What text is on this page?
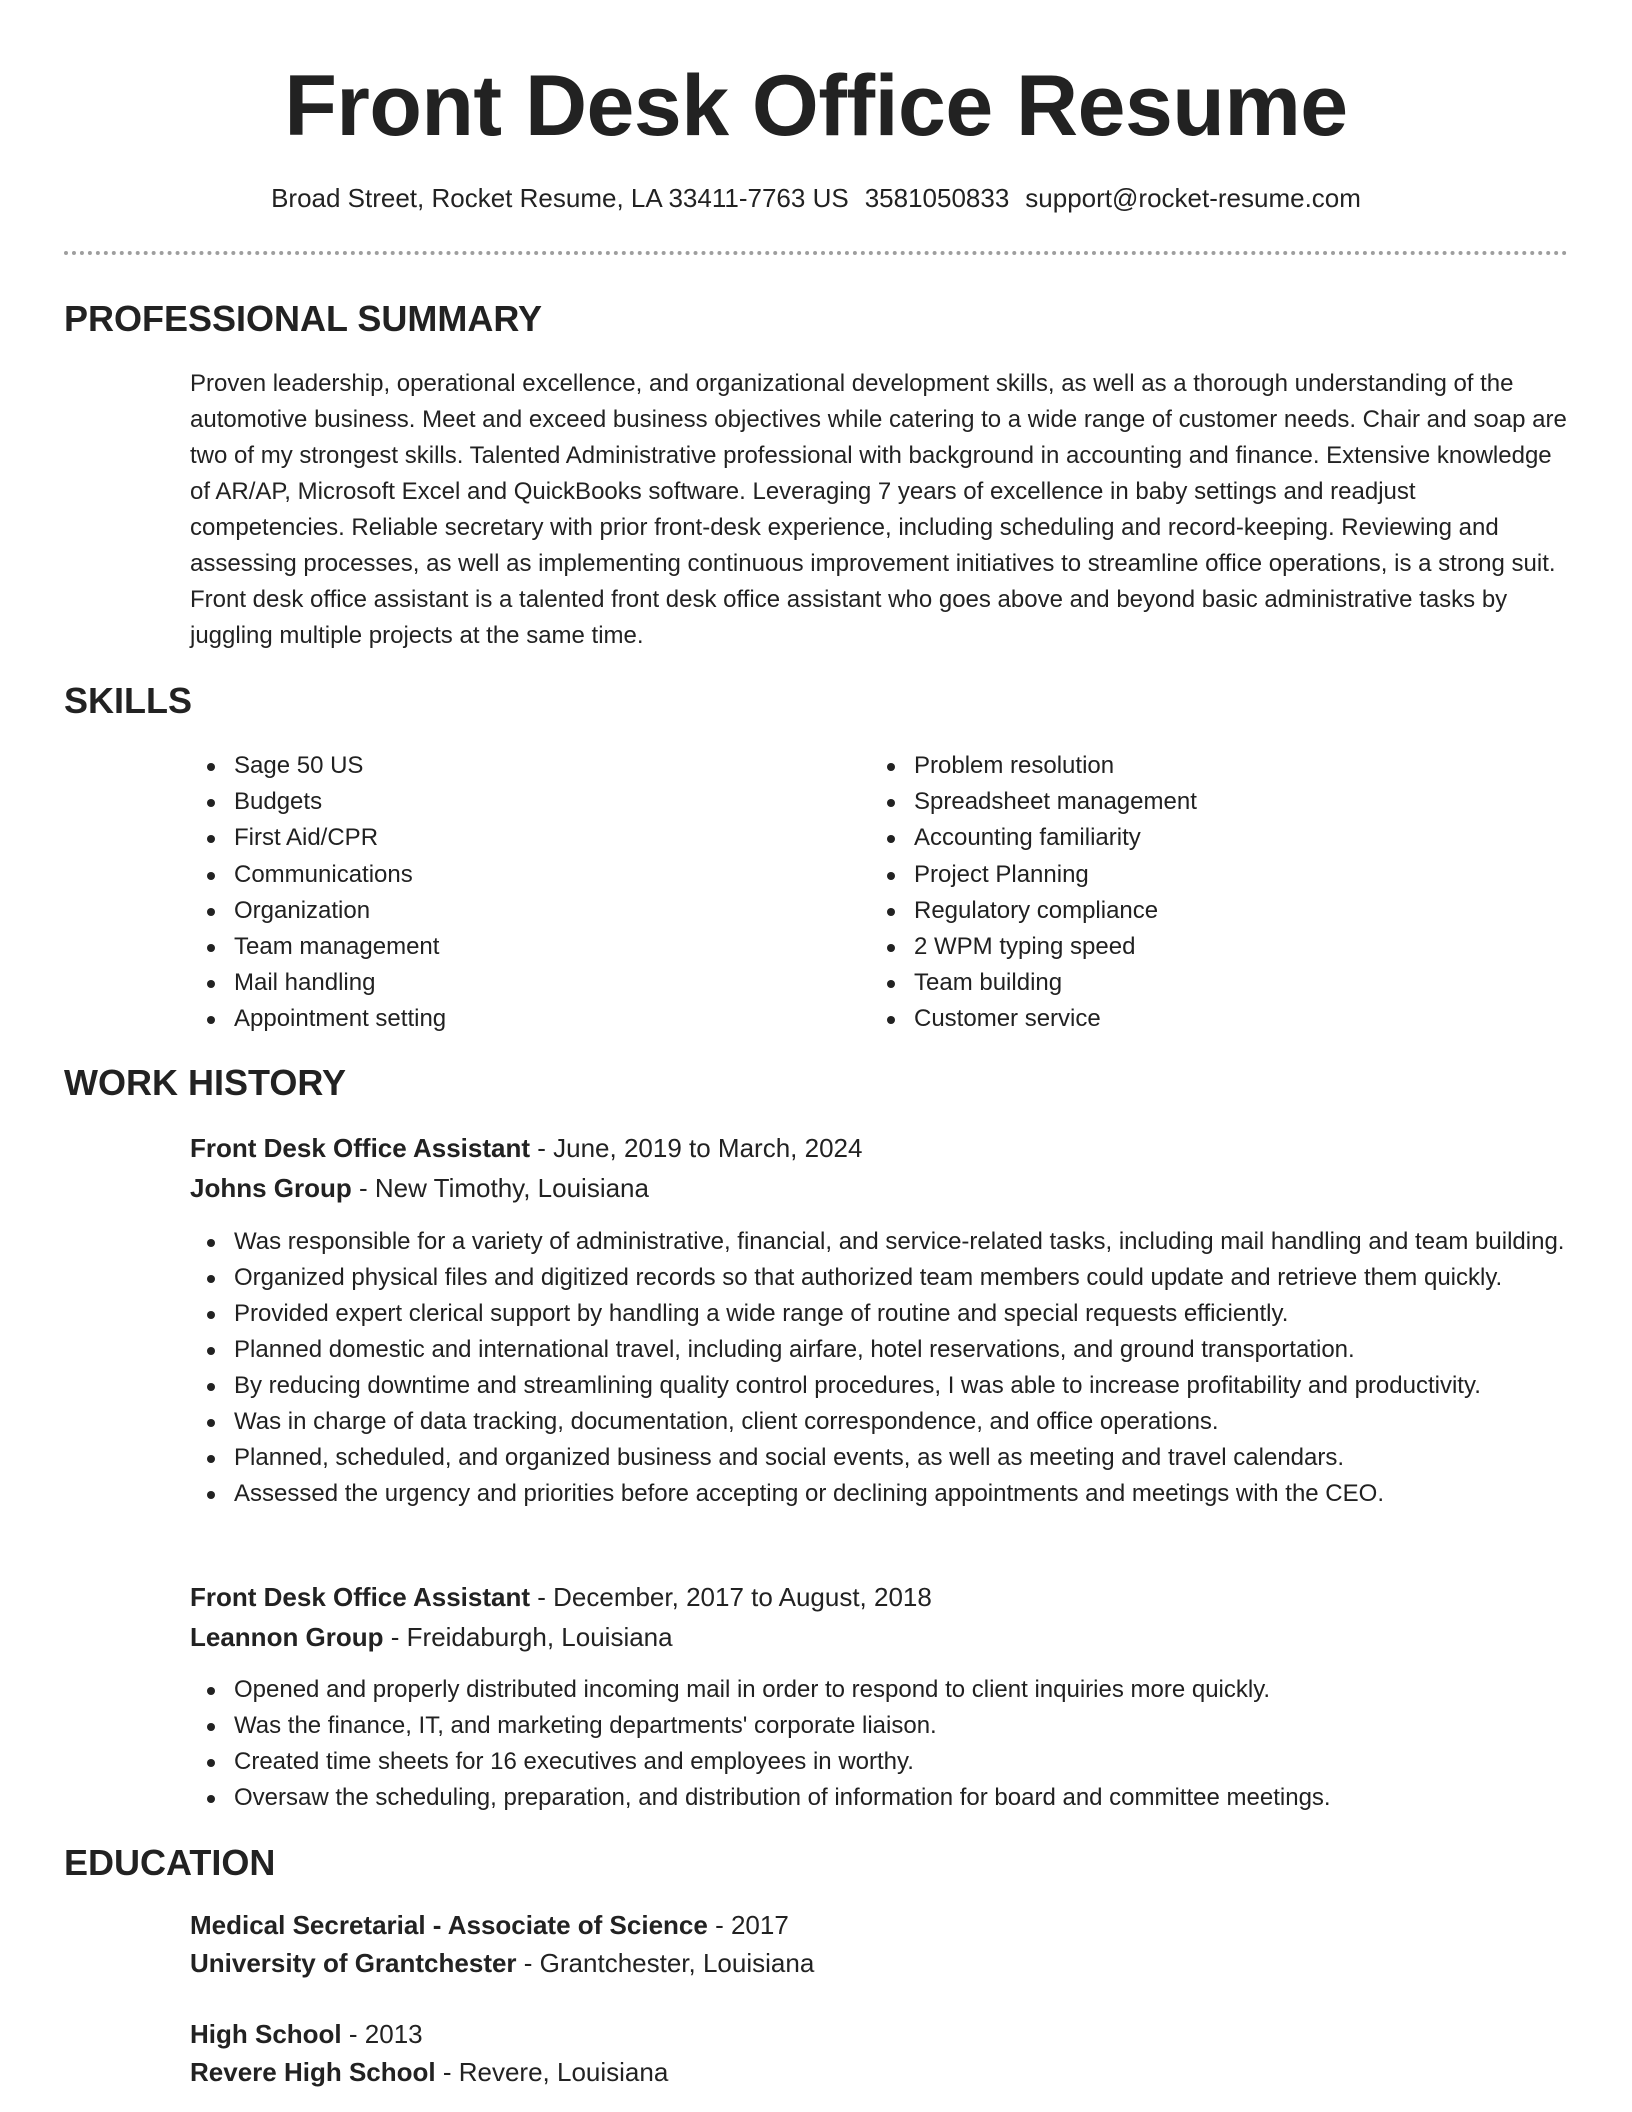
Front Desk Office Resume
Broad Street, Rocket Resume, LA 33411-7763 US 3581050833 support@rocket-resume.com
PROFESSIONAL SUMMARY

Proven leadership, operational excellence, and organizational development skills, as well as a thorough understanding of the automotive business. Meet and exceed business objectives while catering to a wide range of customer needs. Chair and soap are two of my strongest skills. Talented Administrative professional with background in accounting and finance. Extensive knowledge of AR/AP, Microsoft Excel and QuickBooks software. Leveraging 7 years of excellence in baby settings and readjust competencies. Reliable secretary with prior front-desk experience, including scheduling and record-keeping. Reviewing and assessing processes, as well as implementing continuous improvement initiatives to streamline office operations, is a strong suit. Front desk office assistant is a talented front desk office assistant who goes above and beyond basic administrative tasks by juggling multiple projects at the same time.

SKILLS
Sage 50 US
Budgets
First Aid/CPR
Communications
Organization
Team management
Mail handling
Appointment setting
Problem resolution
Spreadsheet management
Accounting familiarity
Project Planning
Regulatory compliance
2 WPM typing speed
Team building
Customer service
WORK HISTORY
Front Desk Office Assistant - June, 2019 to March, 2024
Johns Group - New Timothy, Louisiana
Was responsible for a variety of administrative, financial, and service-related tasks, including mail handling and team building.
Organized physical files and digitized records so that authorized team members could update and retrieve them quickly.
Provided expert clerical support by handling a wide range of routine and special requests efficiently.
Planned domestic and international travel, including airfare, hotel reservations, and ground transportation.
By reducing downtime and streamlining quality control procedures, I was able to increase profitability and productivity.
Was in charge of data tracking, documentation, client correspondence, and office operations.
Planned, scheduled, and organized business and social events, as well as meeting and travel calendars.
Assessed the urgency and priorities before accepting or declining appointments and meetings with the CEO.
Front Desk Office Assistant - December, 2017 to August, 2018
Leannon Group - Freidaburgh, Louisiana
Opened and properly distributed incoming mail in order to respond to client inquiries more quickly.
Was the finance, IT, and marketing departments' corporate liaison.
Created time sheets for 16 executives and employees in worthy.
Oversaw the scheduling, preparation, and distribution of information for board and committee meetings.
EDUCATION
Medical Secretarial - Associate of Science - 2017
University of Grantchester - Grantchester, Louisiana
High School - 2013
Revere High School - Revere, Louisiana
